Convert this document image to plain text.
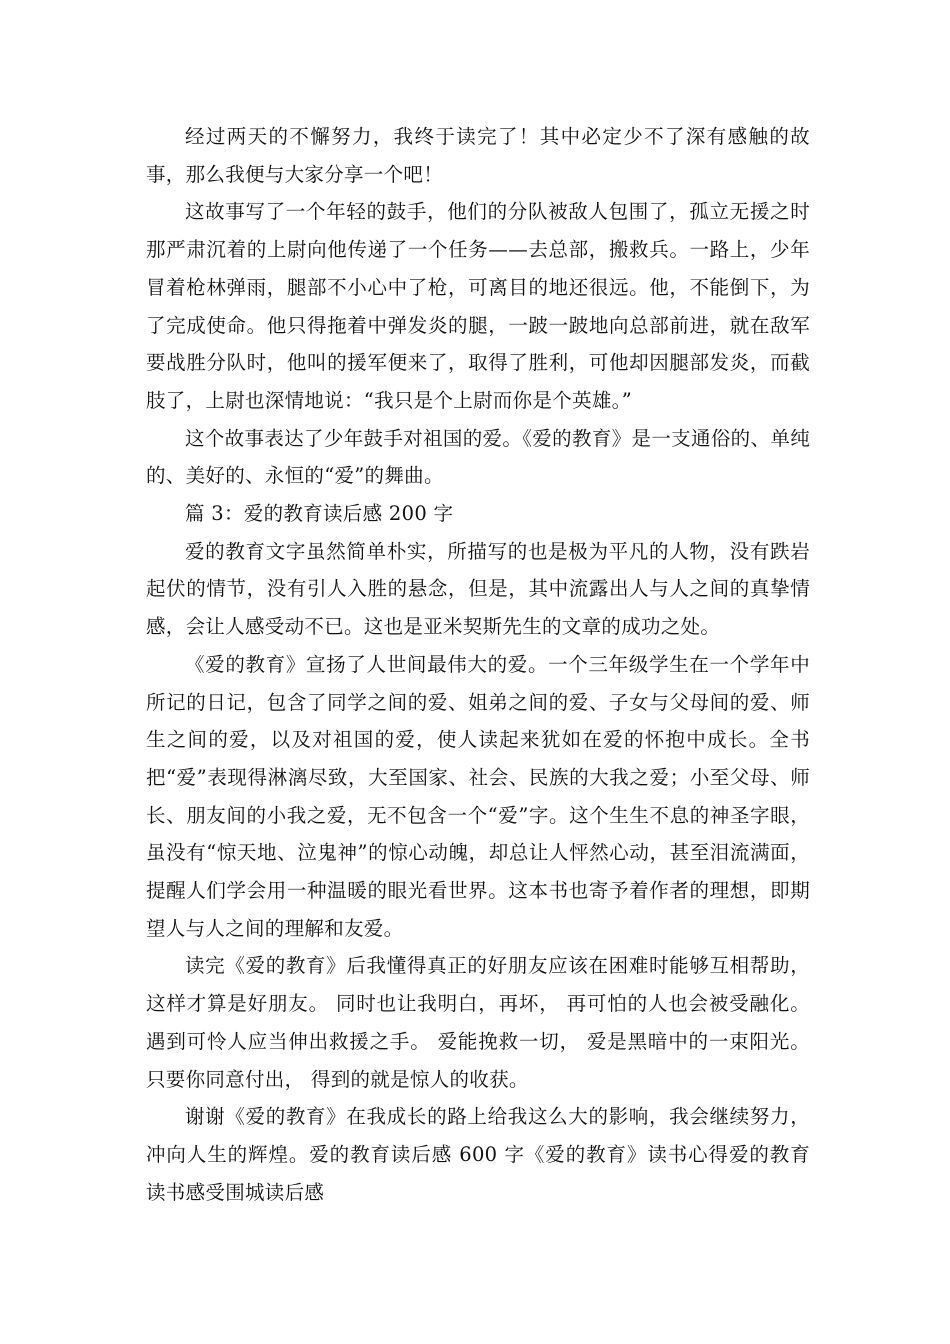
经过两天的不懈努力，我终于读完了！其中必定少不了深有感触的故事，那么我便与大家分享一个吧！

这故事写了一个年轻的鼓手，他们的分队被敌人包围了，孤立无援之时那严肃沉着的上尉向他传递了一个任务——去总部，搬救兵。一路上，少年冒着枪林弹雨，腿部不小心中了枪，可离目的地还很远。他，不能倒下，为了完成使命。他只得拖着中弹发炎的腿，一跛一跛地向总部前进，就在敌军要战胜分队时，他叫的援军便来了，取得了胜利，可他却因腿部发炎，而截肢了，上尉也深情地说：“我只是个上尉而你是个英雄。”

这个故事表达了少年鼓手对祖国的爱。《爱的教育》是一支通俗的、单纯的、美好的、永恒的“爱”的舞曲。

篇 3：爱的教育读后感 200 字

爱的教育文字虽然简单朴实，所描写的也是极为平凡的人物，没有跌岩起伏的情节，没有引人入胜的悬念，但是，其中流露出人与人之间的真挚情感，会让人感受动不已。这也是亚米契斯先生的文章的成功之处。

《爱的教育》宣扬了人世间最伟大的爱。一个三年级学生在一个学年中所记的日记，包含了同学之间的爱、姐弟之间的爱、子女与父母间的爱、师生之间的爱，以及对祖国的爱，使人读起来犹如在爱的怀抱中成长。全书把“爱”表现得淋漓尽致，大至国家、社会、民族的大我之爱；小至父母、师长、朋友间的小我之爱，无不包含一个“爱”字。这个生生不息的神圣字眼，虽没有“惊天地、泣鬼神”的惊心动魄，却总让人怦然心动，甚至泪流满面，提醒人们学会用一种温暖的眼光看世界。这本书也寄予着作者的理想，即期望人与人之间的理解和友爱。

读完《爱的教育》后我懂得真正的好朋友应该在困难时能够互相帮助， 这样才算是好朋友。 同时也让我明白，再坏， 再可怕的人也会被受融化。 遇到可怜人应当伸出救援之手。 爱能挽救一切， 爱是黑暗中的一束阳光。 只要你同意付出， 得到的就是惊人的收获。

谢谢《爱的教育》在我成长的路上给我这么大的影响，我会继续努力，冲向人生的辉煌。爱的教育读后感 600 字《爱的教育》读书心得爱的教育读书感受围城读后感
